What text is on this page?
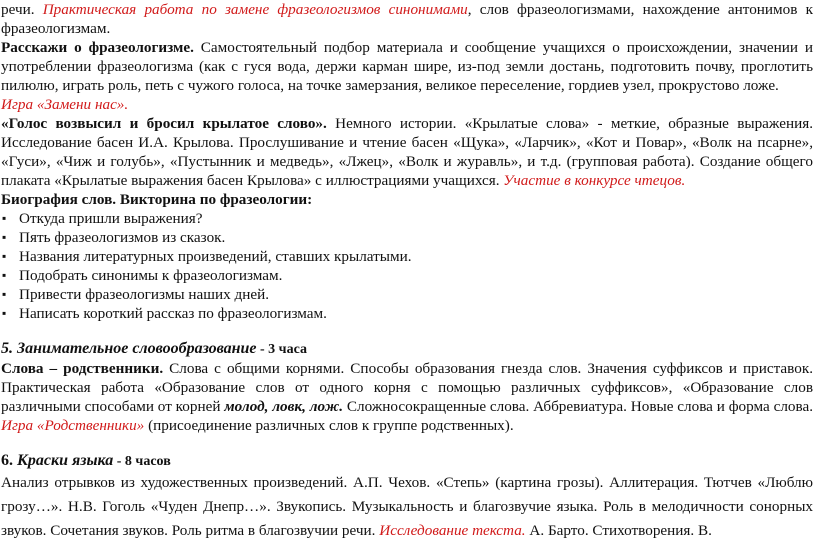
речи. Практическая работа по замене фразеологизмов синонимами, слов фразеологизмами, нахождение антонимов к фразеологизмам.

Расскажи о фразеологизме. Самостоятельный подбор материала и сообщение учащихся о происхождении, значении и употреблении фразеологизма (как с гуся вода, держи карман шире, из-под земли достань, подготовить почву, проглотить пилюлю, играть роль, петь с чужого голоса, на точке замерзания, великое переселение, гордиев узел, прокрустово ложе.

Игра «Замени нас».

«Голос возвысил и бросил крылатое слово». Немного истории. «Крылатые слова» - меткие, образные выражения. Исследование басен И.А. Крылова. Прослушивание и чтение басен «Щука», «Ларчик», «Кот и Повар», «Волк на псарне», «Гуси», «Чиж и голубь», «Пустынник и медведь», «Лжец», «Волк и журавль», и т.д. (групповая работа). Создание общего плаката «Крылатые выражения басен Крылова» с иллюстрациями учащихся. Участие в конкурсе чтецов.

Биография слов. Викторина по фразеологии:

▪ Откуда пришли выражения?
▪ Пять фразеологизмов из сказок.
▪ Названия литературных произведений, ставших крылатыми.
▪ Подобрать синонимы к фразеологизмам.
▪ Привести фразеологизмы наших дней.
▪ Написать короткий рассказ по фразеологизмам.

5. Занимательное словообразование - 3 часа

Слова – родственники. Слова с общими корнями. Способы образования гнезда слов. Значения суффиксов и приставок. Практическая работа «Образование слов от одного корня с помощью различных суффиксов», «Образование слов различными способами от корней молод, ловк, лож. Сложносокращенные слова. Аббревиатура. Новые слова и форма слова. Игра «Родственники» (присоединение различных слов к группе родственных).

6. Краски языка - 8 часов

Анализ отрывков из художественных произведений. А.П. Чехов. «Степь» (картина грозы). Аллитерация. Тютчев «Люблю грозу…». Н.В. Гоголь «Чуден Днепр…». Звукопись. Музыкальность и благозвучие языка. Роль в мелодичности сонорных звуков. Сочетания звуков. Роль ритма в благозвучии речи. Исследование текста. А. Барто. Стихотворения. В.
